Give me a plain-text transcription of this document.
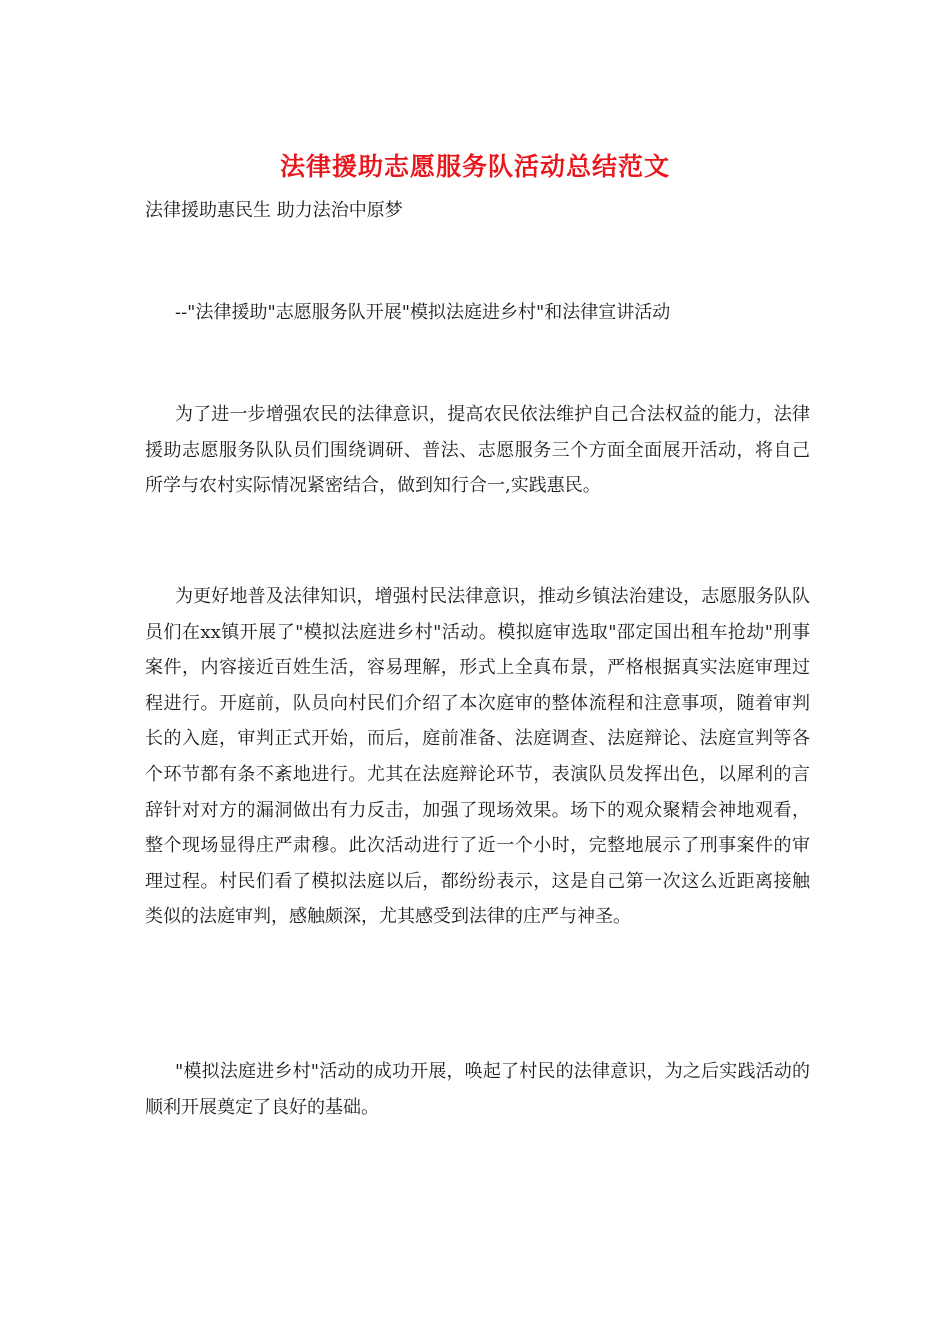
法律援助志愿服务队活动总结范文
法律援助惠民生 助力法治中原梦
--"法律援助"志愿服务队开展"模拟法庭进乡村"和法律宣讲活动

为了进一步增强农民的法律意识，提高农民依法维护自己合法权益的能力，法律援助志愿服务队队员们围绕调研、普法、志愿服务三个方面全面展开活动，将自己所学与农村实际情况紧密结合，做到知行合一,实践惠民。

为更好地普及法律知识，增强村民法律意识，推动乡镇法治建设，志愿服务队队员们在xx镇开展了"模拟法庭进乡村"活动。模拟庭审选取"邵定国出租车抢劫"刑事案件，内容接近百姓生活，容易理解，形式上全真布景，严格根据真实法庭审理过程进行。开庭前，队员向村民们介绍了本次庭审的整体流程和注意事项，随着审判长的入庭，审判正式开始，而后，庭前准备、法庭调查、法庭辩论、法庭宣判等各个环节都有条不紊地进行。尤其在法庭辩论环节，表演队员发挥出色，以犀利的言辞针对对方的漏洞做出有力反击，加强了现场效果。场下的观众聚精会神地观看，整个现场显得庄严肃穆。此次活动进行了近一个小时，完整地展示了刑事案件的审理过程。村民们看了模拟法庭以后，都纷纷表示，这是自己第一次这么近距离接触类似的法庭审判，感触颇深，尤其感受到法律的庄严与神圣。

"模拟法庭进乡村"活动的成功开展，唤起了村民的法律意识，为之后实践活动的顺利开展奠定了良好的基础。
